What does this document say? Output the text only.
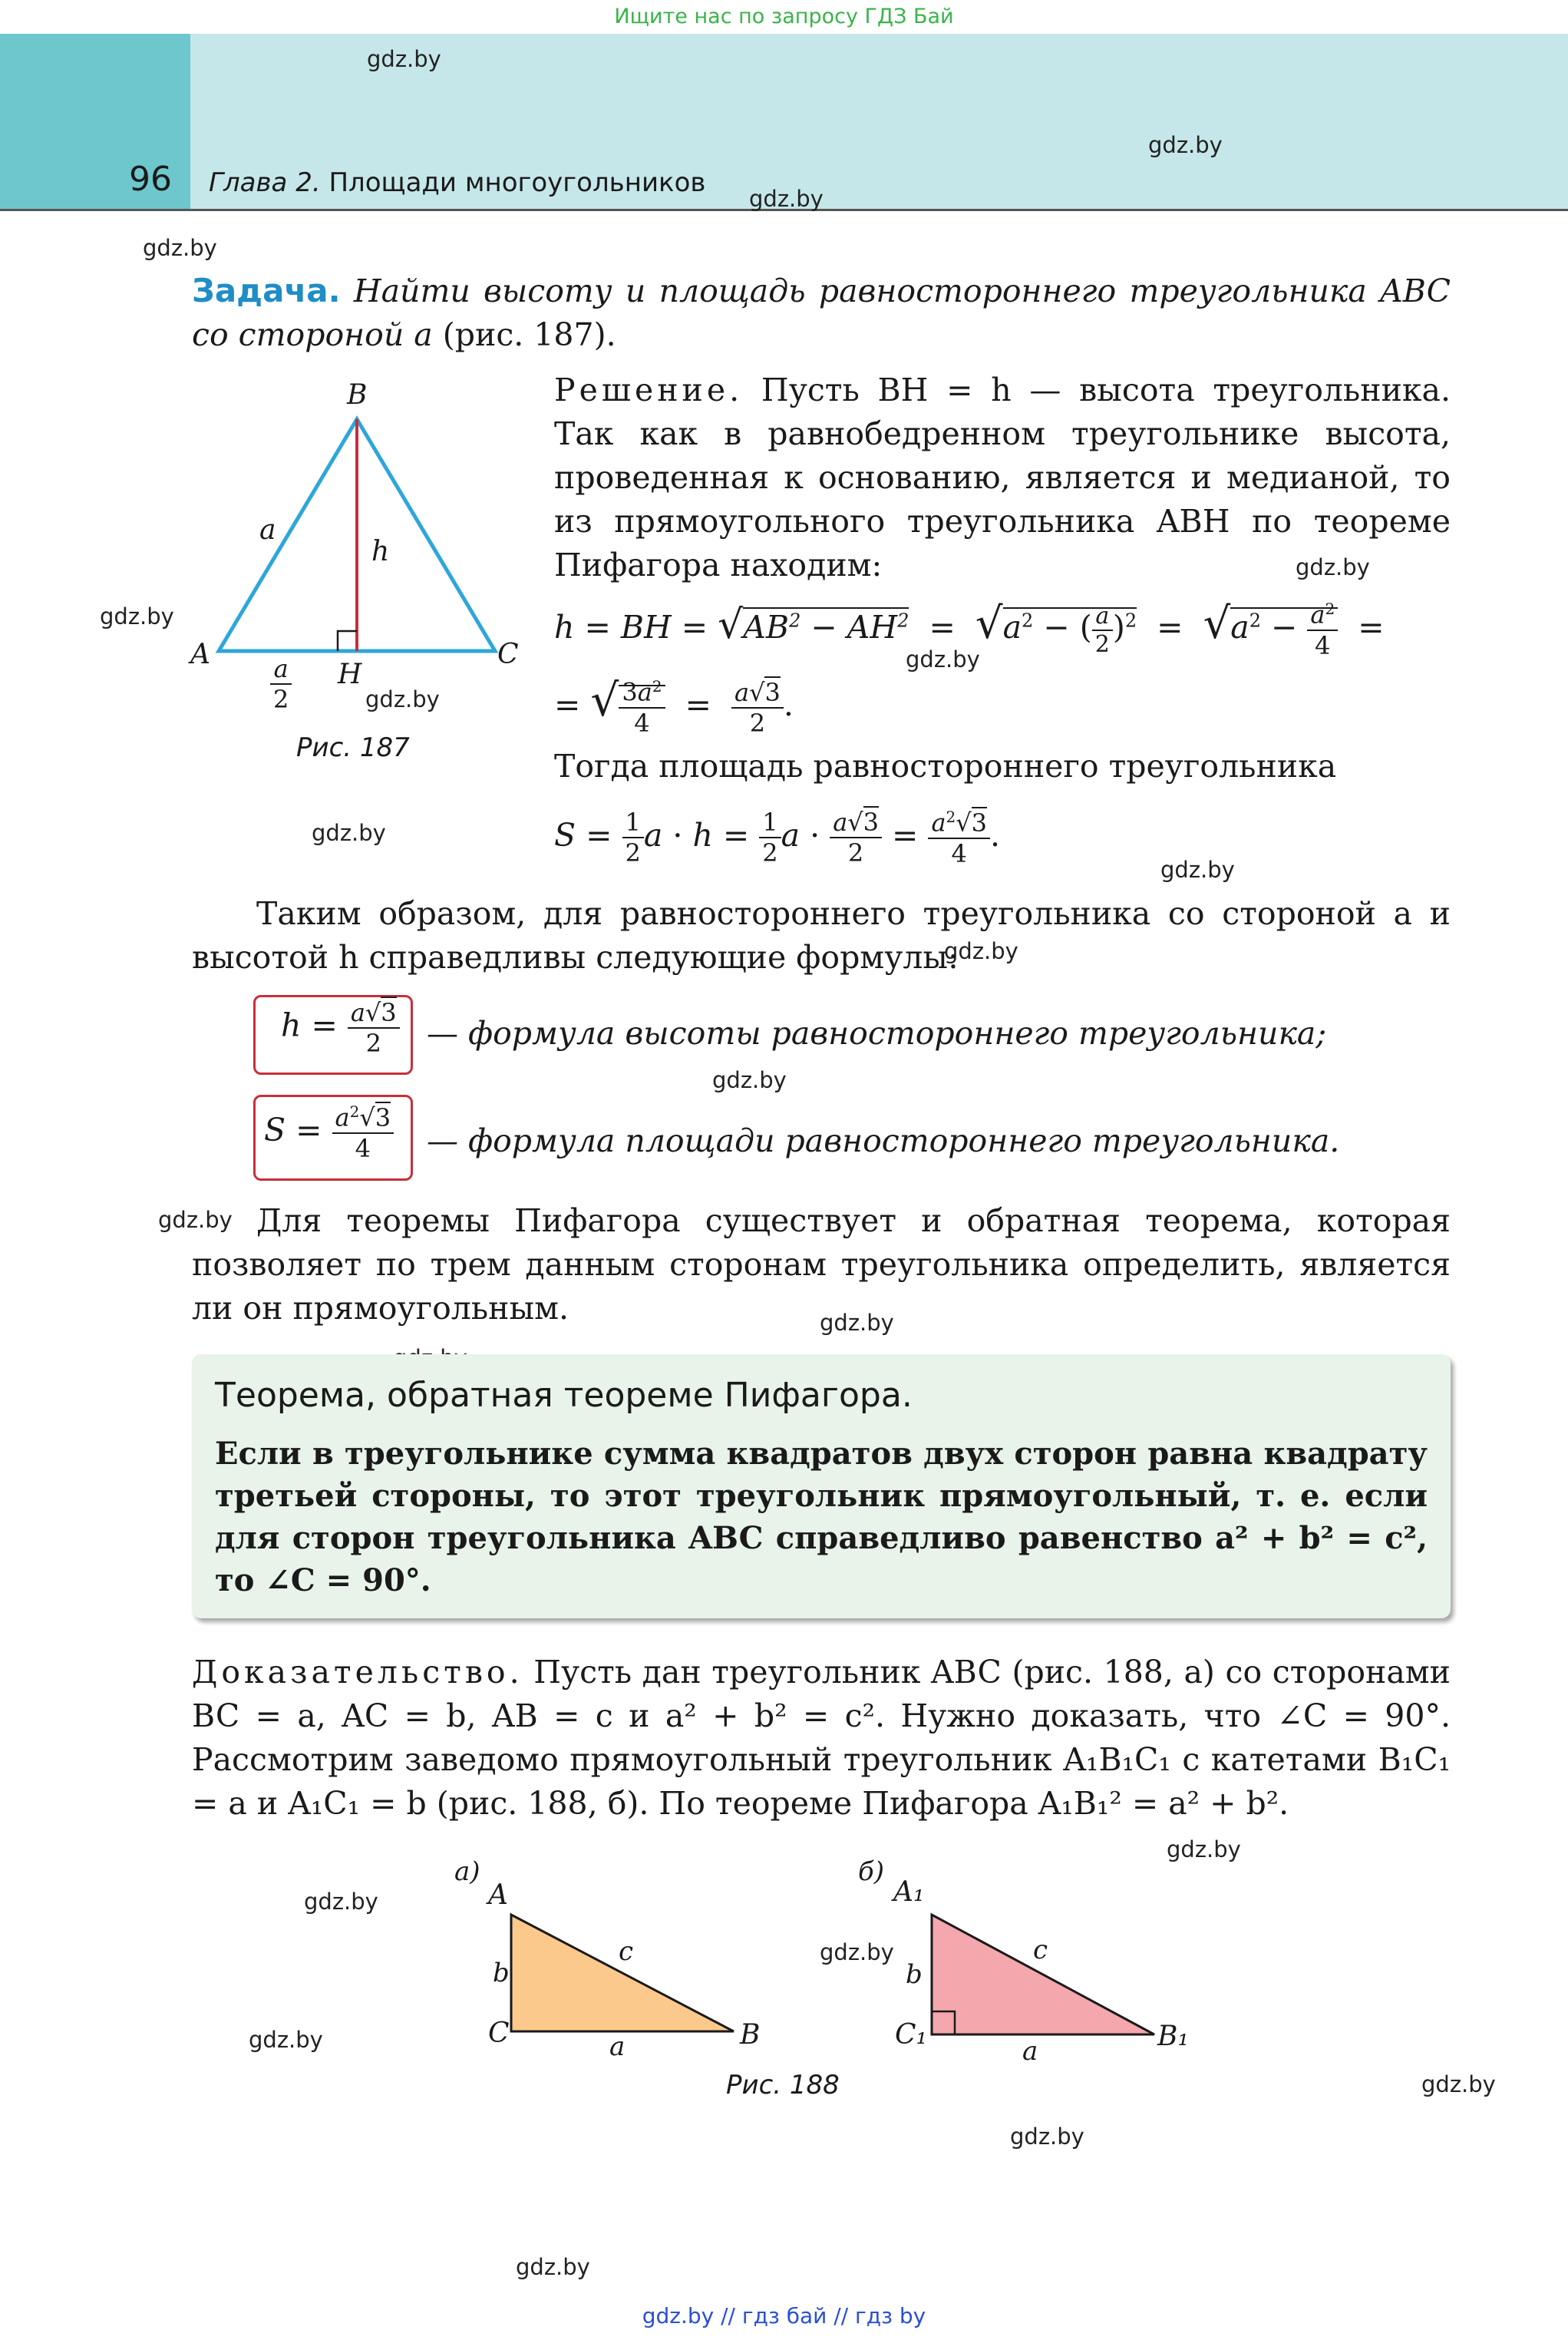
Ищите нас по запросу ГДЗ Бай
96 Глава 2. Площади многоугольников
gdz.by
gdz.by
gdz.by
gdz.by
gdz.by
gdz.by
gdz.by
gdz.by
gdz.by
gdz.by
gdz.by
gdz.by
gdz.by
gdz.by
gdz.by
gdz.by
gdz.by
gdz.by
gdz.by
gdz.by
gdz.by
Задача. Найти высоту и площадь равностороннего треугольника ABC со стороной a (рис. 187).
B
A	C
H
a
h
$\frac{a}{2}$
Рис. 187
Решение. Пусть BH = h — высота треугольника. Так как в равнобедренном треугольнике высота, проведенная к основанию, является и медианой, то из прямоугольного треугольника ABH по теореме Пифагора находим:
h = BH = $√AB^2 - AH^2 = √a^2$ − ( $\frac{a}{2} )^2 = √a^2 - \frac{a^2}{4}$ =
= √ $\frac{3a^2}{4} = \frac{a√3}{2}$ .
Тогда площадь равностороннего треугольника
$S = \frac{1}{2}$ $a \cdot h = \frac{1}{2}$ $a \cdot \frac{a√3}{2} = \frac{a^2√3}{4}$ .
Таким образом, для равностороннего треугольника со стороной a и высотой h справедливы следующие формулы:
$h = \frac{a√3}{2}$ — формула высоты равностороннего треугольника;
$S = \frac{a^2√3}{4}$ — формула площади равностороннего треугольника.
Для теоремы Пифагора существует и обратная теорема, которая позволяет по трем данным сторонам треугольника определить, является ли он прямоугольным.
Теорема, обратная теореме Пифагора.
Если в треугольнике сумма квадратов двух сторон равна квадрату третьей стороны, то этот треугольник прямоугольный, т. е. если для сторон треугольника ABC справедливо равенство a² + b² = c², то ∠C = 90°.
Доказательство. Пусть дан треугольник ABC (рис. 188, а) со сторонами BC = a, AC = b, AB = c и a² + b² = c². Нужно доказать, что ∠C = 90°. Рассмотрим заведомо прямоугольный треугольник A₁B₁C₁ с катетами B₁C₁ = a и A₁C₁ = b (рис. 188, б). По теореме Пифагора A₁B₁² = a² + b².
а)
A
C	B
b
c
a
б)
A₁
C₁	B₁
b
c
a
Рис. 188
gdz.by // гдз бай // гдз by
